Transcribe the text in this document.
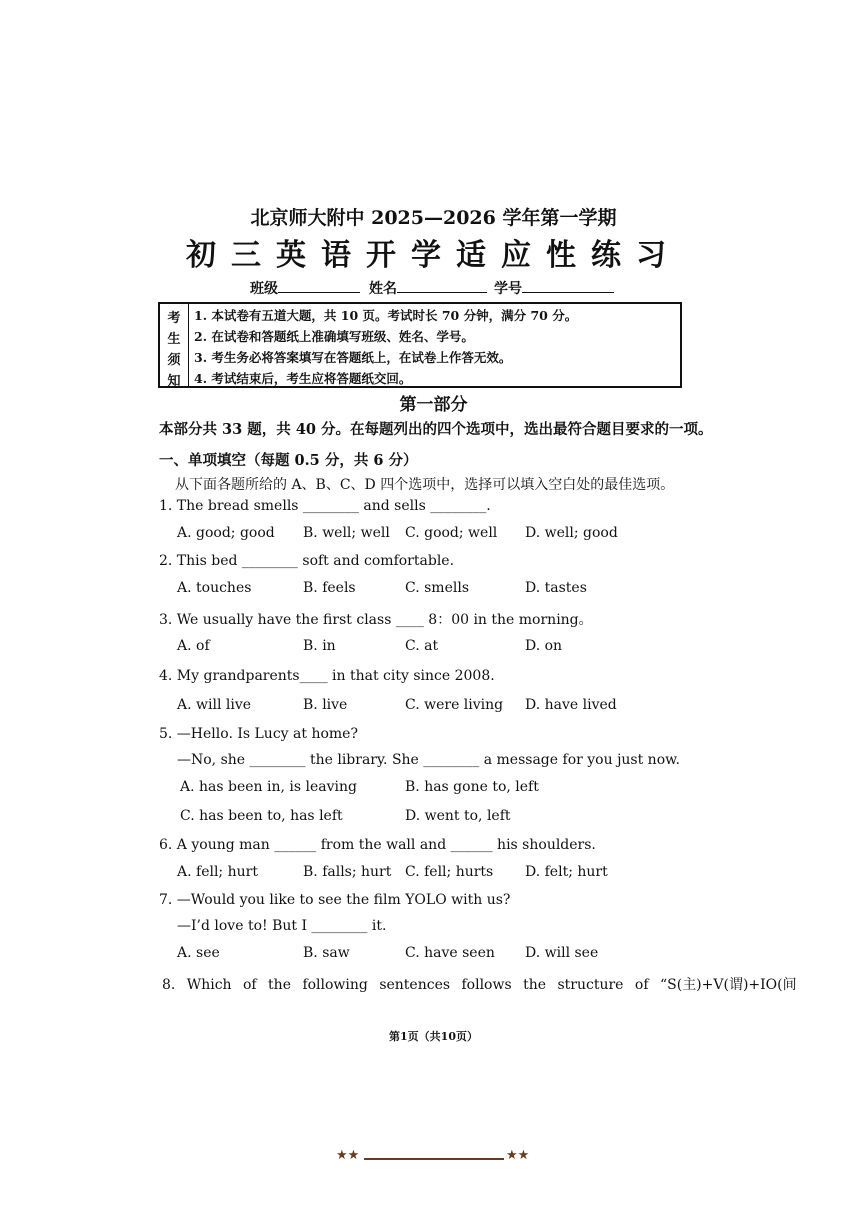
北京师大附中 2025—2026 学年第一学期
初三英语开学适应性练习
班级	姓名	学号
考
生
须
知
1. 本试卷有五道大题，共 10 页。考试时长 70 分钟，满分 70 分。
2. 在试卷和答题纸上准确填写班级、姓名、学号。
3. 考生务必将答案填写在答题纸上，在试卷上作答无效。
4. 考试结束后，考生应将答题纸交回。
第一部分
本部分共 33 题，共 40 分。在每题列出的四个选项中，选出最符合题目要求的一项。
一、单项填空（每题 0.5 分，共 6 分）
从下面各题所给的 A、B、C、D 四个选项中，选择可以填入空白处的最佳选项。
1. The bread smells ________ and sells ________.
A. good; good B. well; well C. good; well D. well; good
2. This bed ________ soft and comfortable.
A. touches	B. feels	C. smells	D. tastes
3. We usually have the first class ____ 8：00 in the morning。
A. of	B. in	C. at	D. on
4. My grandparents____ in that city since 2008.
A. will live	B. live	C. were living D. have lived
5. —Hello. Is Lucy at home?
—No, she ________ the library. She ________ a message for you just now.
A. has been in, is leaving	B. has gone to, left
C. has been to, has left	D. went to, left
6. A young man ______ from the wall and ______ his shoulders.
A. fell; hurt	B. falls; hurt C. fell; hurts D. felt; hurt
7. —Would you like to see the film YOLO with us?
—I’d love to! But I ________ it.
A. see	B. saw	C. have seen D. will see
8. Which of the following sentences follows the structure of “S(主)+V(谓)+IO(间
第1页（共10页）
★★	★★
